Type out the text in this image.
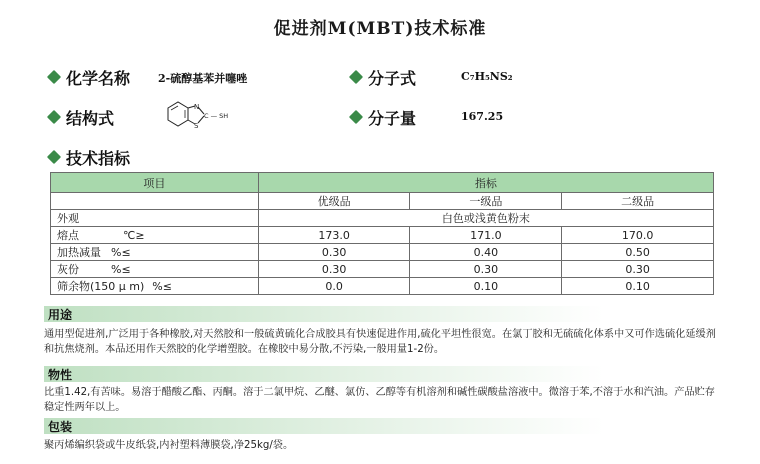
促进剂M(MBT)技术标准
化学名称	2-硫醇基苯并噻唑	分子式	C₇H₅NS₂
结构式
N
S
C — SH	分子量	167.25
技术指标
项目	指标		
	优级品	一级品	二级品
外观	白色或浅黄色粉末		
熔点 ℃≥	173.0	171.0	170.0
加热减量 %≤	0.30	0.40	0.50
灰份 %≤	0.30	0.30	0.30
筛余物(150 μ m) %≤	0.0	0.10	0.10
用途
通用型促进剂,广泛用于各种橡胶,对天然胶和一般硫黄硫化合成胶具有快速促进作用,硫化平坦性很宽。在氯丁胶和无硫硫化体系中又可作选硫化延缓剂和抗焦烧剂。本品还用作天然胶的化学增塑胶。在橡胶中易分散,不污染,一般用量1-2份。
物性
比重1.42,有苦味。易溶于醋酸乙酯、丙酮。溶于二氯甲烷、乙醚、氯仿、乙醇等有机溶剂和碱性碳酸盐溶液中。微溶于苯,不溶于水和汽油。产品贮存稳定性两年以上。
包装
聚丙烯编织袋或牛皮纸袋,内衬塑料薄膜袋,净25kg/袋。
